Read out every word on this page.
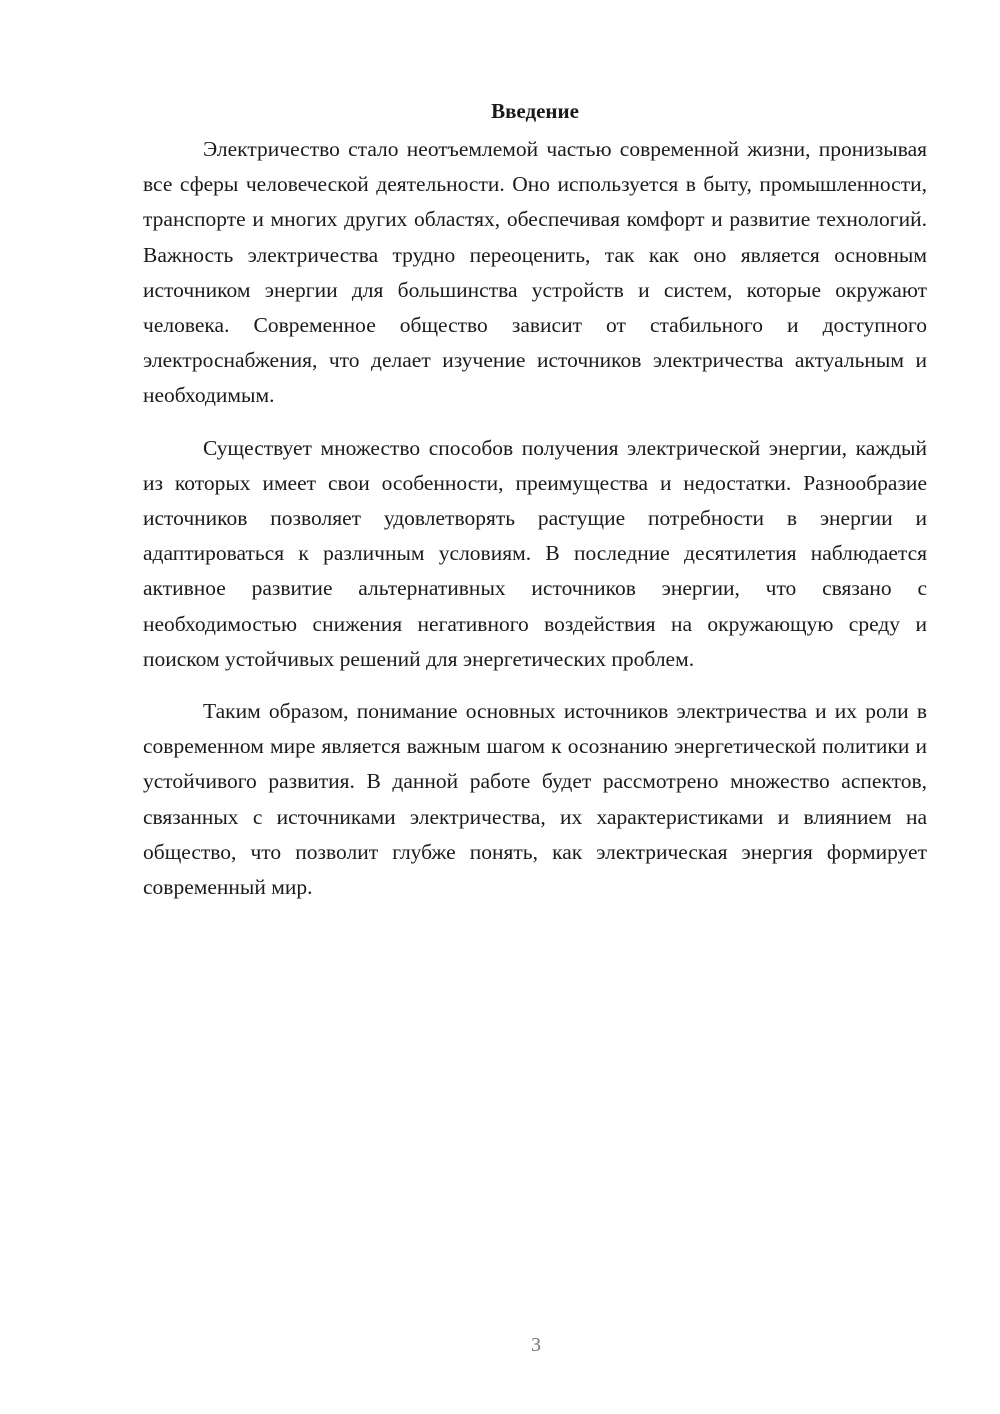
Введение

Электричество стало неотъемлемой частью современной жизни, пронизывая все сферы человеческой деятельности. Оно используется в быту, промышленности, транспорте и многих других областях, обеспечивая комфорт и развитие технологий. Важность электричества трудно переоценить, так как оно является основным источником энергии для большинства устройств и систем, которые окружают человека. Современное общество зависит от стабильного и доступного электроснабжения, что делает изучение источников электричества актуальным и необходимым.

Существует множество способов получения электрической энергии, каждый из которых имеет свои особенности, преимущества и недостатки. Разнообразие источников позволяет удовлетворять растущие потребности в энергии и адаптироваться к различным условиям. В последние десятилетия наблюдается активное развитие альтернативных источников энергии, что связано с необходимостью снижения негативного воздействия на окружающую среду и поиском устойчивых решений для энергетических проблем.

Таким образом, понимание основных источников электричества и их роли в современном мире является важным шагом к осознанию энергетической политики и устойчивого развития. В данной работе будет рассмотрено множество аспектов, связанных с источниками электричества, их характеристиками и влиянием на общество, что позволит глубже понять, как электрическая энергия формирует современный мир.

3
